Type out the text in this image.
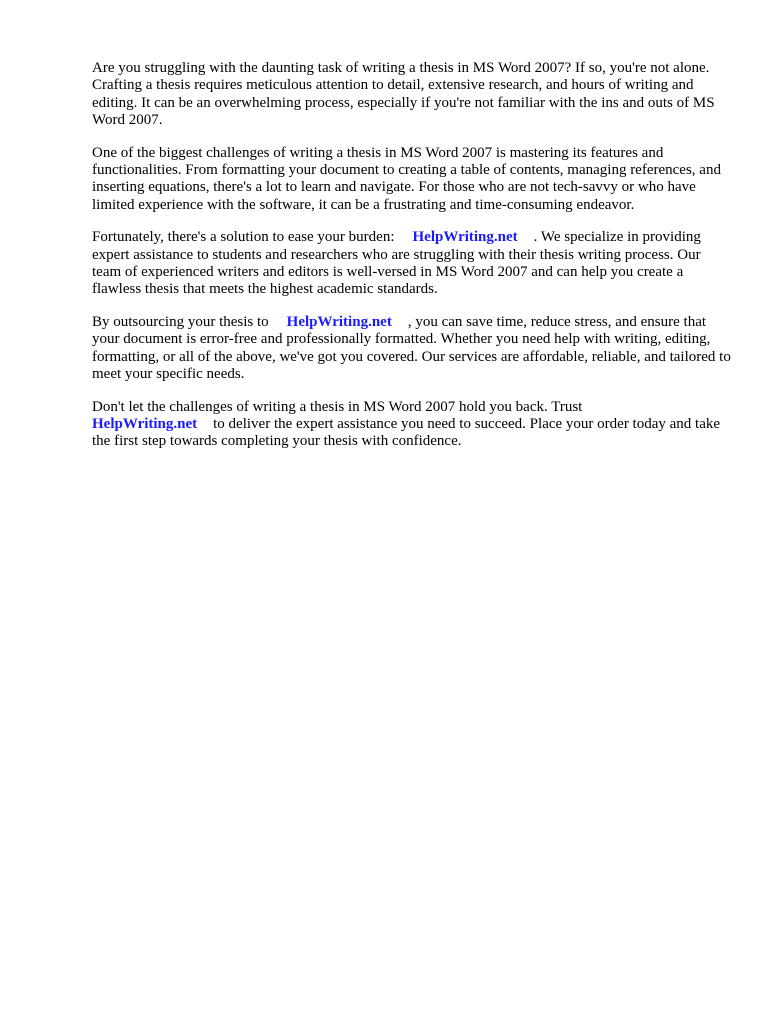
Are you struggling with the daunting task of writing a thesis in MS Word 2007? If so, you're not alone. Crafting a thesis requires meticulous attention to detail, extensive research, and hours of writing and editing. It can be an overwhelming process, especially if you're not familiar with the ins and outs of MS Word 2007.

One of the biggest challenges of writing a thesis in MS Word 2007 is mastering its features and functionalities. From formatting your document to creating a table of contents, managing references, and inserting equations, there's a lot to learn and navigate. For those who are not tech-savvy or who have limited experience with the software, it can be a frustrating and time-consuming endeavor.

Fortunately, there's a solution to ease your burden: HelpWriting.net . We specialize in providing expert assistance to students and researchers who are struggling with their thesis writing process. Our team of experienced writers and editors is well-versed in MS Word 2007 and can help you create a flawless thesis that meets the highest academic standards.

By outsourcing your thesis to HelpWriting.net , you can save time, reduce stress, and ensure that your document is error-free and professionally formatted. Whether you need help with writing, editing, formatting, or all of the above, we've got you covered. Our services are affordable, reliable, and tailored to meet your specific needs.

Don't let the challenges of writing a thesis in MS Word 2007 hold you back. Trust
HelpWriting.net to deliver the expert assistance you need to succeed. Place your order today and take the first step towards completing your thesis with confidence.
